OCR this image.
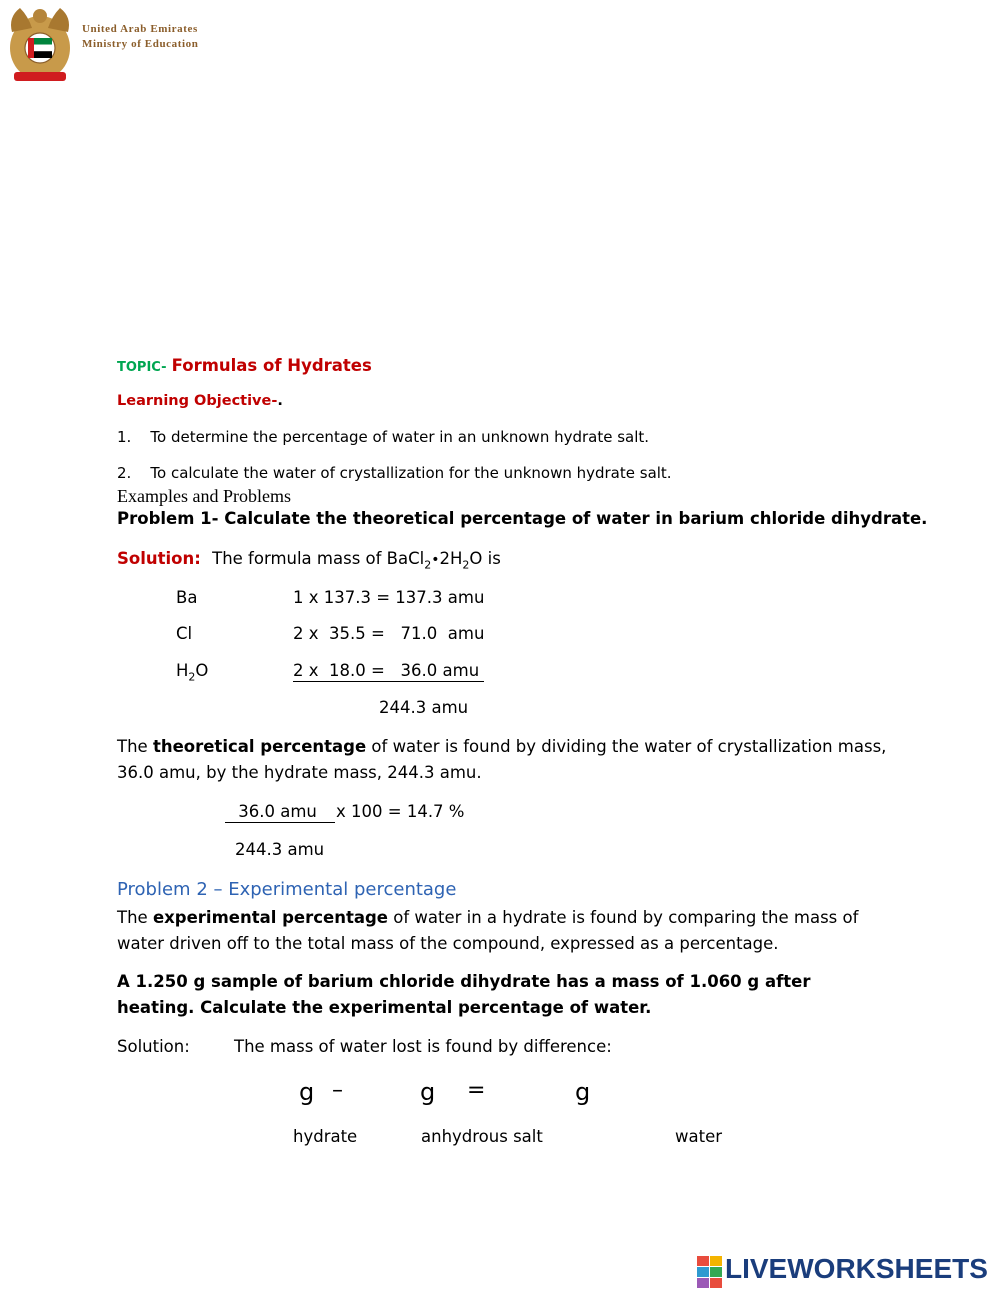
United Arab Emirates
Ministry of Education
TOPIC- Formulas of Hydrates
Learning Objective-.
1.    To determine the percentage of water in an unknown hydrate salt.
2.    To calculate the water of crystallization for the unknown hydrate salt.
Examples and Problems
Problem 1- Calculate the theoretical percentage of water in barium chloride dihydrate.
Solution: The formula mass of $BaCl_2•2H_2O$ is
Ba	1 x 137.3 = 137.3 amu
Cl	2 x  35.5 =   71.0  amu
$H_2O$	2 x  18.0 =   36.0 amu
244.3 amu
The theoretical percentage of water is found by dividing the water of crystallization mass, 36.0 amu, by the hydrate mass, 244.3 amu.
36.0 amu x 100 = 14.7 %
244.3 amu
Problem 2 – Experimental percentage
The experimental percentage of water in a hydrate is found by comparing the mass of water driven off to the total mass of the compound, expressed as a percentage.
A 1.250 g sample of barium chloride dihydrate has a mass of 1.060 g after heating. Calculate the experimental percentage of water.
Solution:	The mass of water lost is found by difference:
g –	g =	g
hydrate	anhydrous salt	water
LIVEWORKSHEETS
